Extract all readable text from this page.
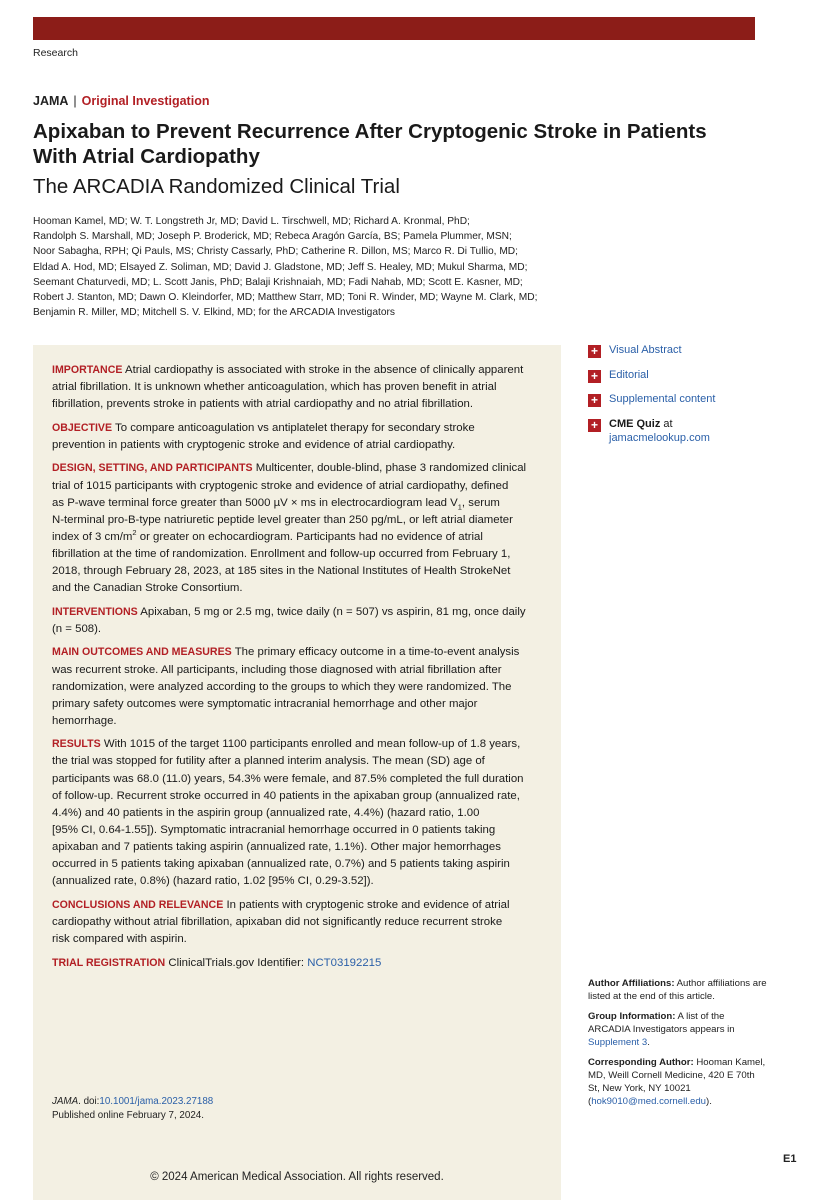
Research
JAMA | Original Investigation
Apixaban to Prevent Recurrence After Cryptogenic Stroke in Patients
With Atrial Cardiopathy
The ARCADIA Randomized Clinical Trial
Hooman Kamel, MD; W. T. Longstreth Jr, MD; David L. Tirschwell, MD; Richard A. Kronmal, PhD;
Randolph S. Marshall, MD; Joseph P. Broderick, MD; Rebeca Aragón García, BS; Pamela Plummer, MSN;
Noor Sabagha, RPH; Qi Pauls, MS; Christy Cassarly, PhD; Catherine R. Dillon, MS; Marco R. Di Tullio, MD;
Eldad A. Hod, MD; Elsayed Z. Soliman, MD; David J. Gladstone, MD; Jeff S. Healey, MD; Mukul Sharma, MD;
Seemant Chaturvedi, MD; L. Scott Janis, PhD; Balaji Krishnaiah, MD; Fadi Nahab, MD; Scott E. Kasner, MD;
Robert J. Stanton, MD; Dawn O. Kleindorfer, MD; Matthew Starr, MD; Toni R. Winder, MD; Wayne M. Clark, MD;
Benjamin R. Miller, MD; Mitchell S. V. Elkind, MD; for the ARCADIA Investigators
IMPORTANCE Atrial cardiopathy is associated with stroke in the absence of clinically apparent
atrial fibrillation. It is unknown whether anticoagulation, which has proven benefit in atrial
fibrillation, prevents stroke in patients with atrial cardiopathy and no atrial fibrillation.
OBJECTIVE To compare anticoagulation vs antiplatelet therapy for secondary stroke
prevention in patients with cryptogenic stroke and evidence of atrial cardiopathy.
DESIGN, SETTING, AND PARTICIPANTS Multicenter, double-blind, phase 3 randomized clinical
trial of 1015 participants with cryptogenic stroke and evidence of atrial cardiopathy, defined
as P-wave terminal force greater than 5000 µV × ms in electrocardiogram lead $V_1$, serum
N-terminal pro-B-type natriuretic peptide level greater than 250 pg/mL, or left atrial diameter
index of 3 $cm/m^2$ or greater on echocardiogram. Participants had no evidence of atrial
fibrillation at the time of randomization. Enrollment and follow-up occurred from February 1,
2018, through February 28, 2023, at 185 sites in the National Institutes of Health StrokeNet
and the Canadian Stroke Consortium.
INTERVENTIONS Apixaban, 5 mg or 2.5 mg, twice daily (n = 507) vs aspirin, 81 mg, once daily
(n = 508).
MAIN OUTCOMES AND MEASURES The primary efficacy outcome in a time-to-event analysis
was recurrent stroke. All participants, including those diagnosed with atrial fibrillation after
randomization, were analyzed according to the groups to which they were randomized. The
primary safety outcomes were symptomatic intracranial hemorrhage and other major
hemorrhage.
RESULTS With 1015 of the target 1100 participants enrolled and mean follow-up of 1.8 years,
the trial was stopped for futility after a planned interim analysis. The mean (SD) age of
participants was 68.0 (11.0) years, 54.3% were female, and 87.5% completed the full duration
of follow-up. Recurrent stroke occurred in 40 patients in the apixaban group (annualized rate,
4.4%) and 40 patients in the aspirin group (annualized rate, 4.4%) (hazard ratio, 1.00
[95% CI, 0.64-1.55]). Symptomatic intracranial hemorrhage occurred in 0 patients taking
apixaban and 7 patients taking aspirin (annualized rate, 1.1%). Other major hemorrhages
occurred in 5 patients taking apixaban (annualized rate, 0.7%) and 5 patients taking aspirin
(annualized rate, 0.8%) (hazard ratio, 1.02 [95% CI, 0.29-3.52]).
CONCLUSIONS AND RELEVANCE In patients with cryptogenic stroke and evidence of atrial
cardiopathy without atrial fibrillation, apixaban did not significantly reduce recurrent stroke
risk compared with aspirin.
TRIAL REGISTRATION ClinicalTrials.gov Identifier: NCT03192215
JAMA. doi:10.1001/jama.2023.27188
Published online February 7, 2024.
© 2024 American Medical Association. All rights reserved.
+ Visual Abstract
+ Editorial
+ Supplemental content
+ CME Quiz at
jamacmelookup.com

Author Affiliations: Author affiliations are listed at the end of this article.

Group Information: A list of the ARCADIA Investigators appears in Supplement 3.

Corresponding Author: Hooman Kamel, MD, Weill Cornell Medicine, 420 E 70th St, New York, NY 10021 (hok9010@med.cornell.edu).

E1
